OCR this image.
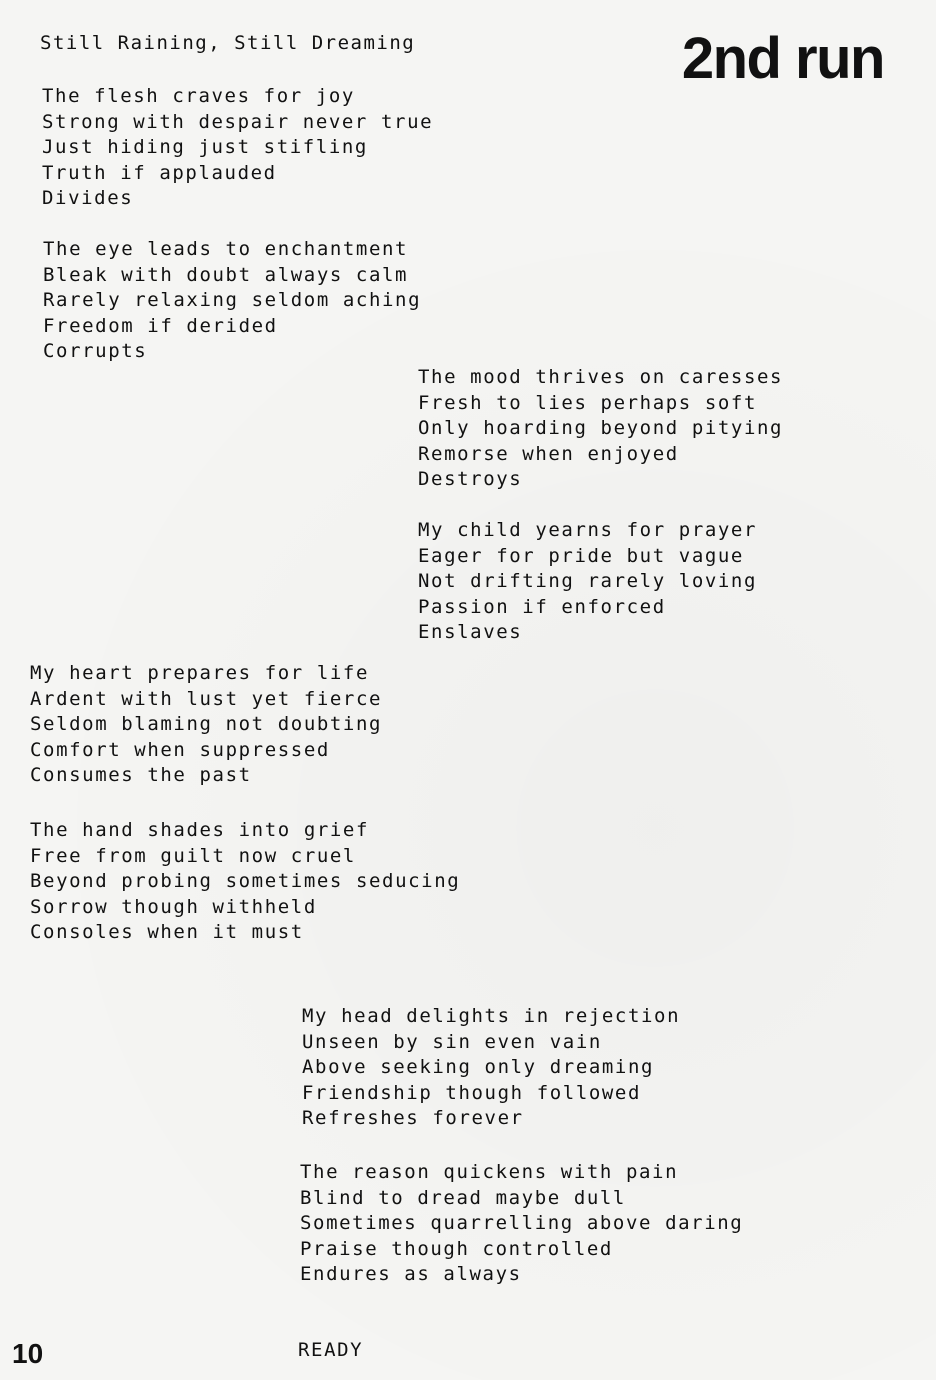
Still Raining, Still Dreaming	2nd run
The flesh craves for joy
Strong with despair never true
Just hiding just stifling
Truth if applauded
Divides
The eye leads to enchantment
Bleak with doubt always calm
Rarely relaxing seldom aching
Freedom if derided
Corrupts
The mood thrives on caresses
Fresh to lies perhaps soft
Only hoarding beyond pitying
Remorse when enjoyed
Destroys
My child yearns for prayer
Eager for pride but vague
Not drifting rarely loving
Passion if enforced
Enslaves
My heart prepares for life
Ardent with lust yet fierce
Seldom blaming not doubting
Comfort when suppressed
Consumes the past
The hand shades into grief
Free from guilt now cruel
Beyond probing sometimes seducing
Sorrow though withheld
Consoles when it must
My head delights in rejection
Unseen by sin even vain
Above seeking only dreaming
Friendship though followed
Refreshes forever
The reason quickens with pain
Blind to dread maybe dull
Sometimes quarrelling above daring
Praise though controlled
Endures as always
10	READY
